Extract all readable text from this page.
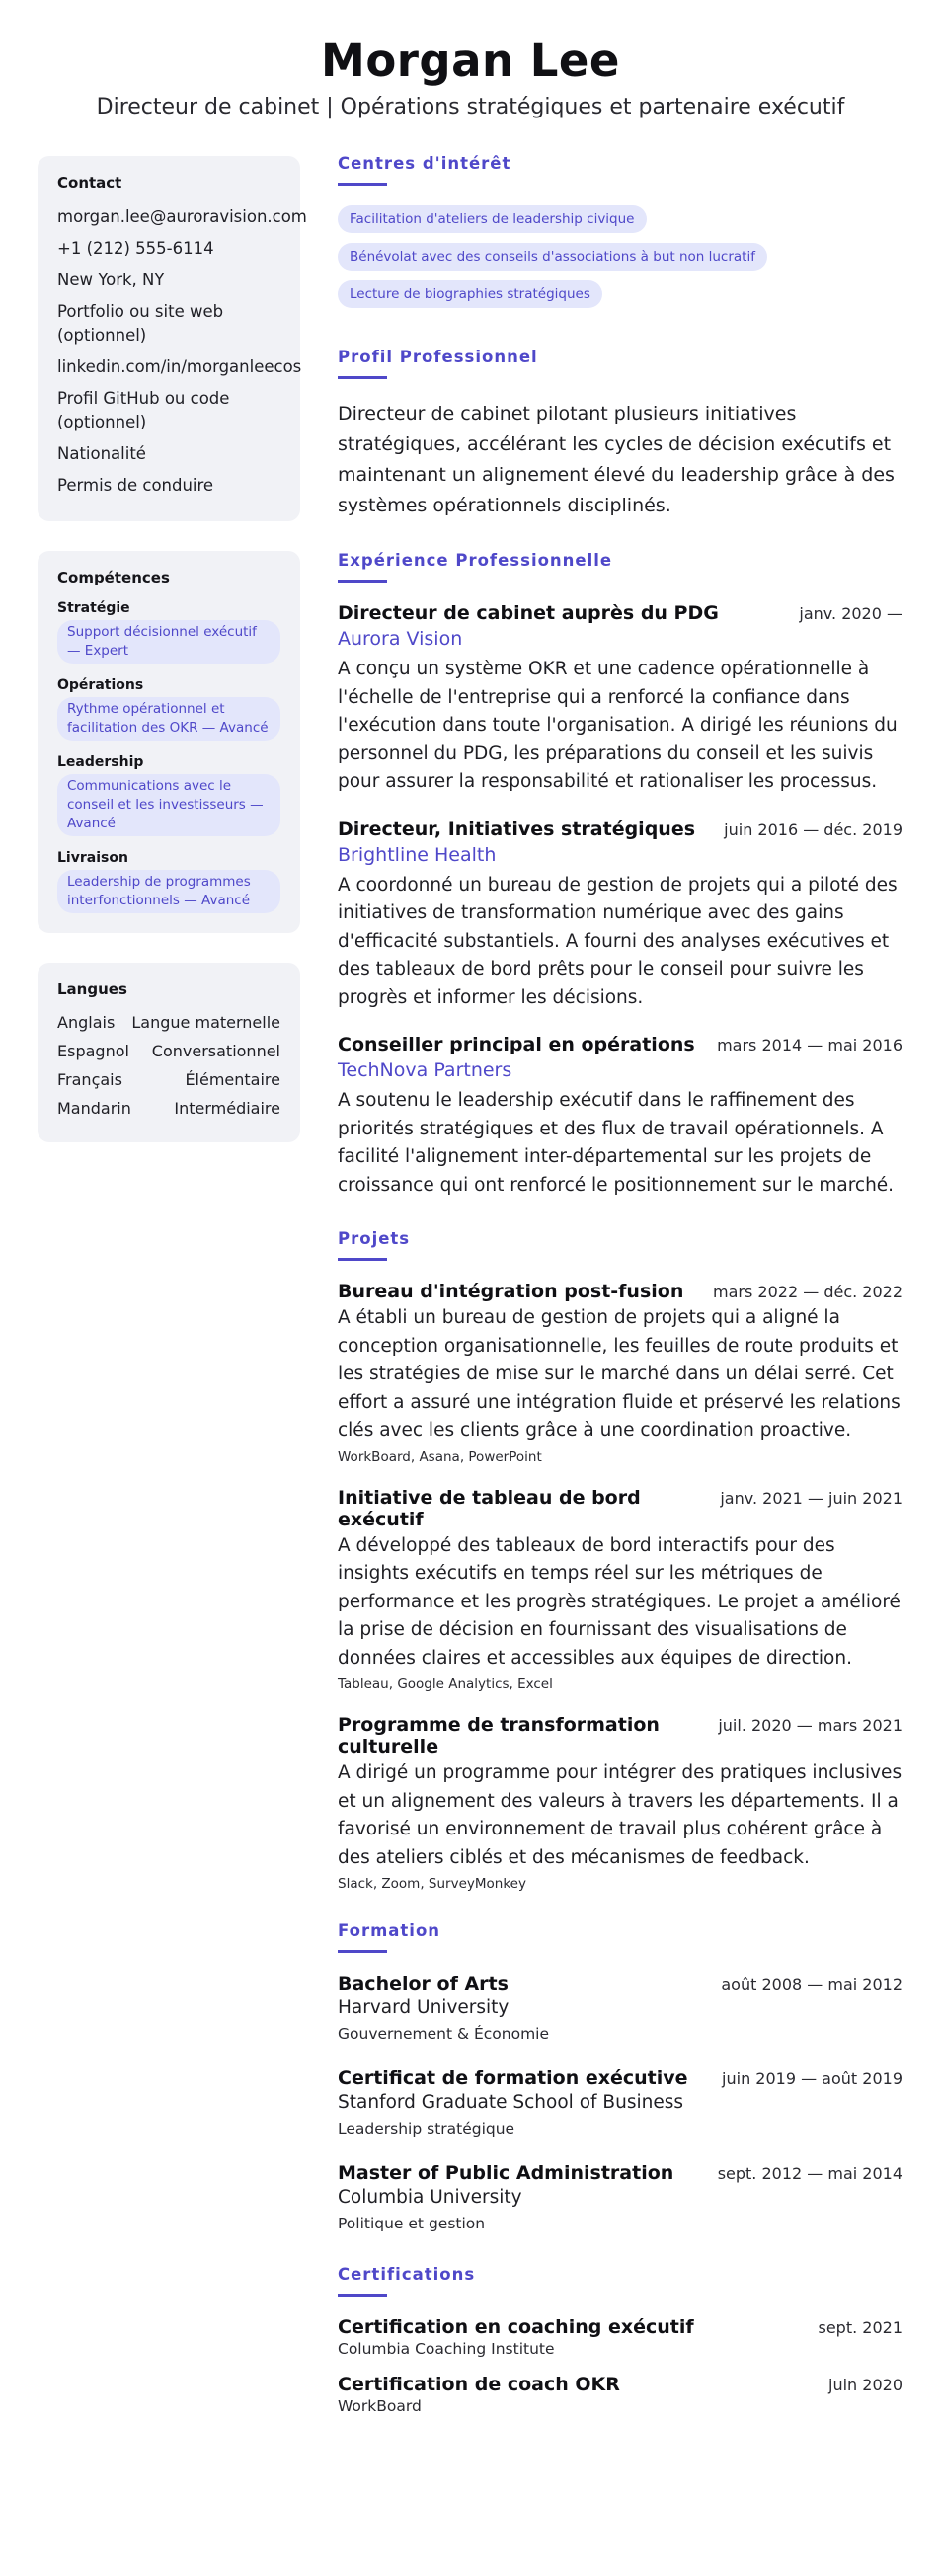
Morgan Lee
Directeur de cabinet | Opérations stratégiques et partenaire exécutif
Contact
morgan.lee@auroravision.com
+1 (212) 555-6114
New York, NY
Portfolio ou site web (optionnel)
linkedin.com/in/morganleecos
Profil GitHub ou code (optionnel)
Nationalité
Permis de conduire
Compétences
Stratégie
Support décisionnel exécutif — Expert
Opérations
Rythme opérationnel et facilitation des OKR — Avancé
Leadership
Communications avec le conseil et les investisseurs — Avancé
Livraison
Leadership de programmes interfonctionnels — Avancé
Langues
Anglais Langue maternelle
Espagnol Conversationnel
Français	Élémentaire
Mandarin	Intermédiaire
Centres d'intérêt
Facilitation d'ateliers de leadership civique
Bénévolat avec des conseils d'associations à but non lucratif
Lecture de biographies stratégiques
Profil Professionnel
Directeur de cabinet pilotant plusieurs initiatives stratégiques, accélérant les cycles de décision exécutifs et maintenant un alignement élevé du leadership grâce à des systèmes opérationnels disciplinés.
Expérience Professionnelle
Directeur de cabinet auprès du PDG	janv. 2020 —
Aurora Vision
A conçu un système OKR et une cadence opérationnelle à l'échelle de l'entreprise qui a renforcé la confiance dans l'exécution dans toute l'organisation. A dirigé les réunions du personnel du PDG, les préparations du conseil et les suivis pour assurer la responsabilité et rationaliser les processus.
Directeur, Initiatives stratégiques juin 2016 — déc. 2019
Brightline Health
A coordonné un bureau de gestion de projets qui a piloté des initiatives de transformation numérique avec des gains d'efficacité substantiels. A fourni des analyses exécutives et des tableaux de bord prêts pour le conseil pour suivre les progrès et informer les décisions.
Conseiller principal en opérations mars 2014 — mai 2016
TechNova Partners
A soutenu le leadership exécutif dans le raffinement des priorités stratégiques et des flux de travail opérationnels. A facilité l'alignement inter-départemental sur les projets de croissance qui ont renforcé le positionnement sur le marché.
Projets
Bureau d'intégration post-fusion mars 2022 — déc. 2022
A établi un bureau de gestion de projets qui a aligné la conception organisationnelle, les feuilles de route produits et les stratégies de mise sur le marché dans un délai serré. Cet effort a assuré une intégration fluide et préservé les relations clés avec les clients grâce à une coordination proactive.
WorkBoard, Asana, PowerPoint
Initiative de tableau de bord exécutif
janv. 2021 — juin 2021
A développé des tableaux de bord interactifs pour des insights exécutifs en temps réel sur les métriques de performance et les progrès stratégiques. Le projet a amélioré la prise de décision en fournissant des visualisations de données claires et accessibles aux équipes de direction.
Tableau, Google Analytics, Excel
Programme de transformation culturelle
juil. 2020 — mars 2021
A dirigé un programme pour intégrer des pratiques inclusives et un alignement des valeurs à travers les départements. Il a favorisé un environnement de travail plus cohérent grâce à des ateliers ciblés et des mécanismes de feedback.
Slack, Zoom, SurveyMonkey
Formation
Bachelor of Arts	août 2008 — mai 2012
Harvard University
Gouvernement & Économie
Certificat de formation exécutive juin 2019 — août 2019
Stanford Graduate School of Business
Leadership stratégique
Master of Public Administration	sept. 2012 — mai 2014
Columbia University
Politique et gestion
Certifications
Certification en coaching exécutif	sept. 2021
Columbia Coaching Institute
Certification de coach OKR	juin 2020
WorkBoard
